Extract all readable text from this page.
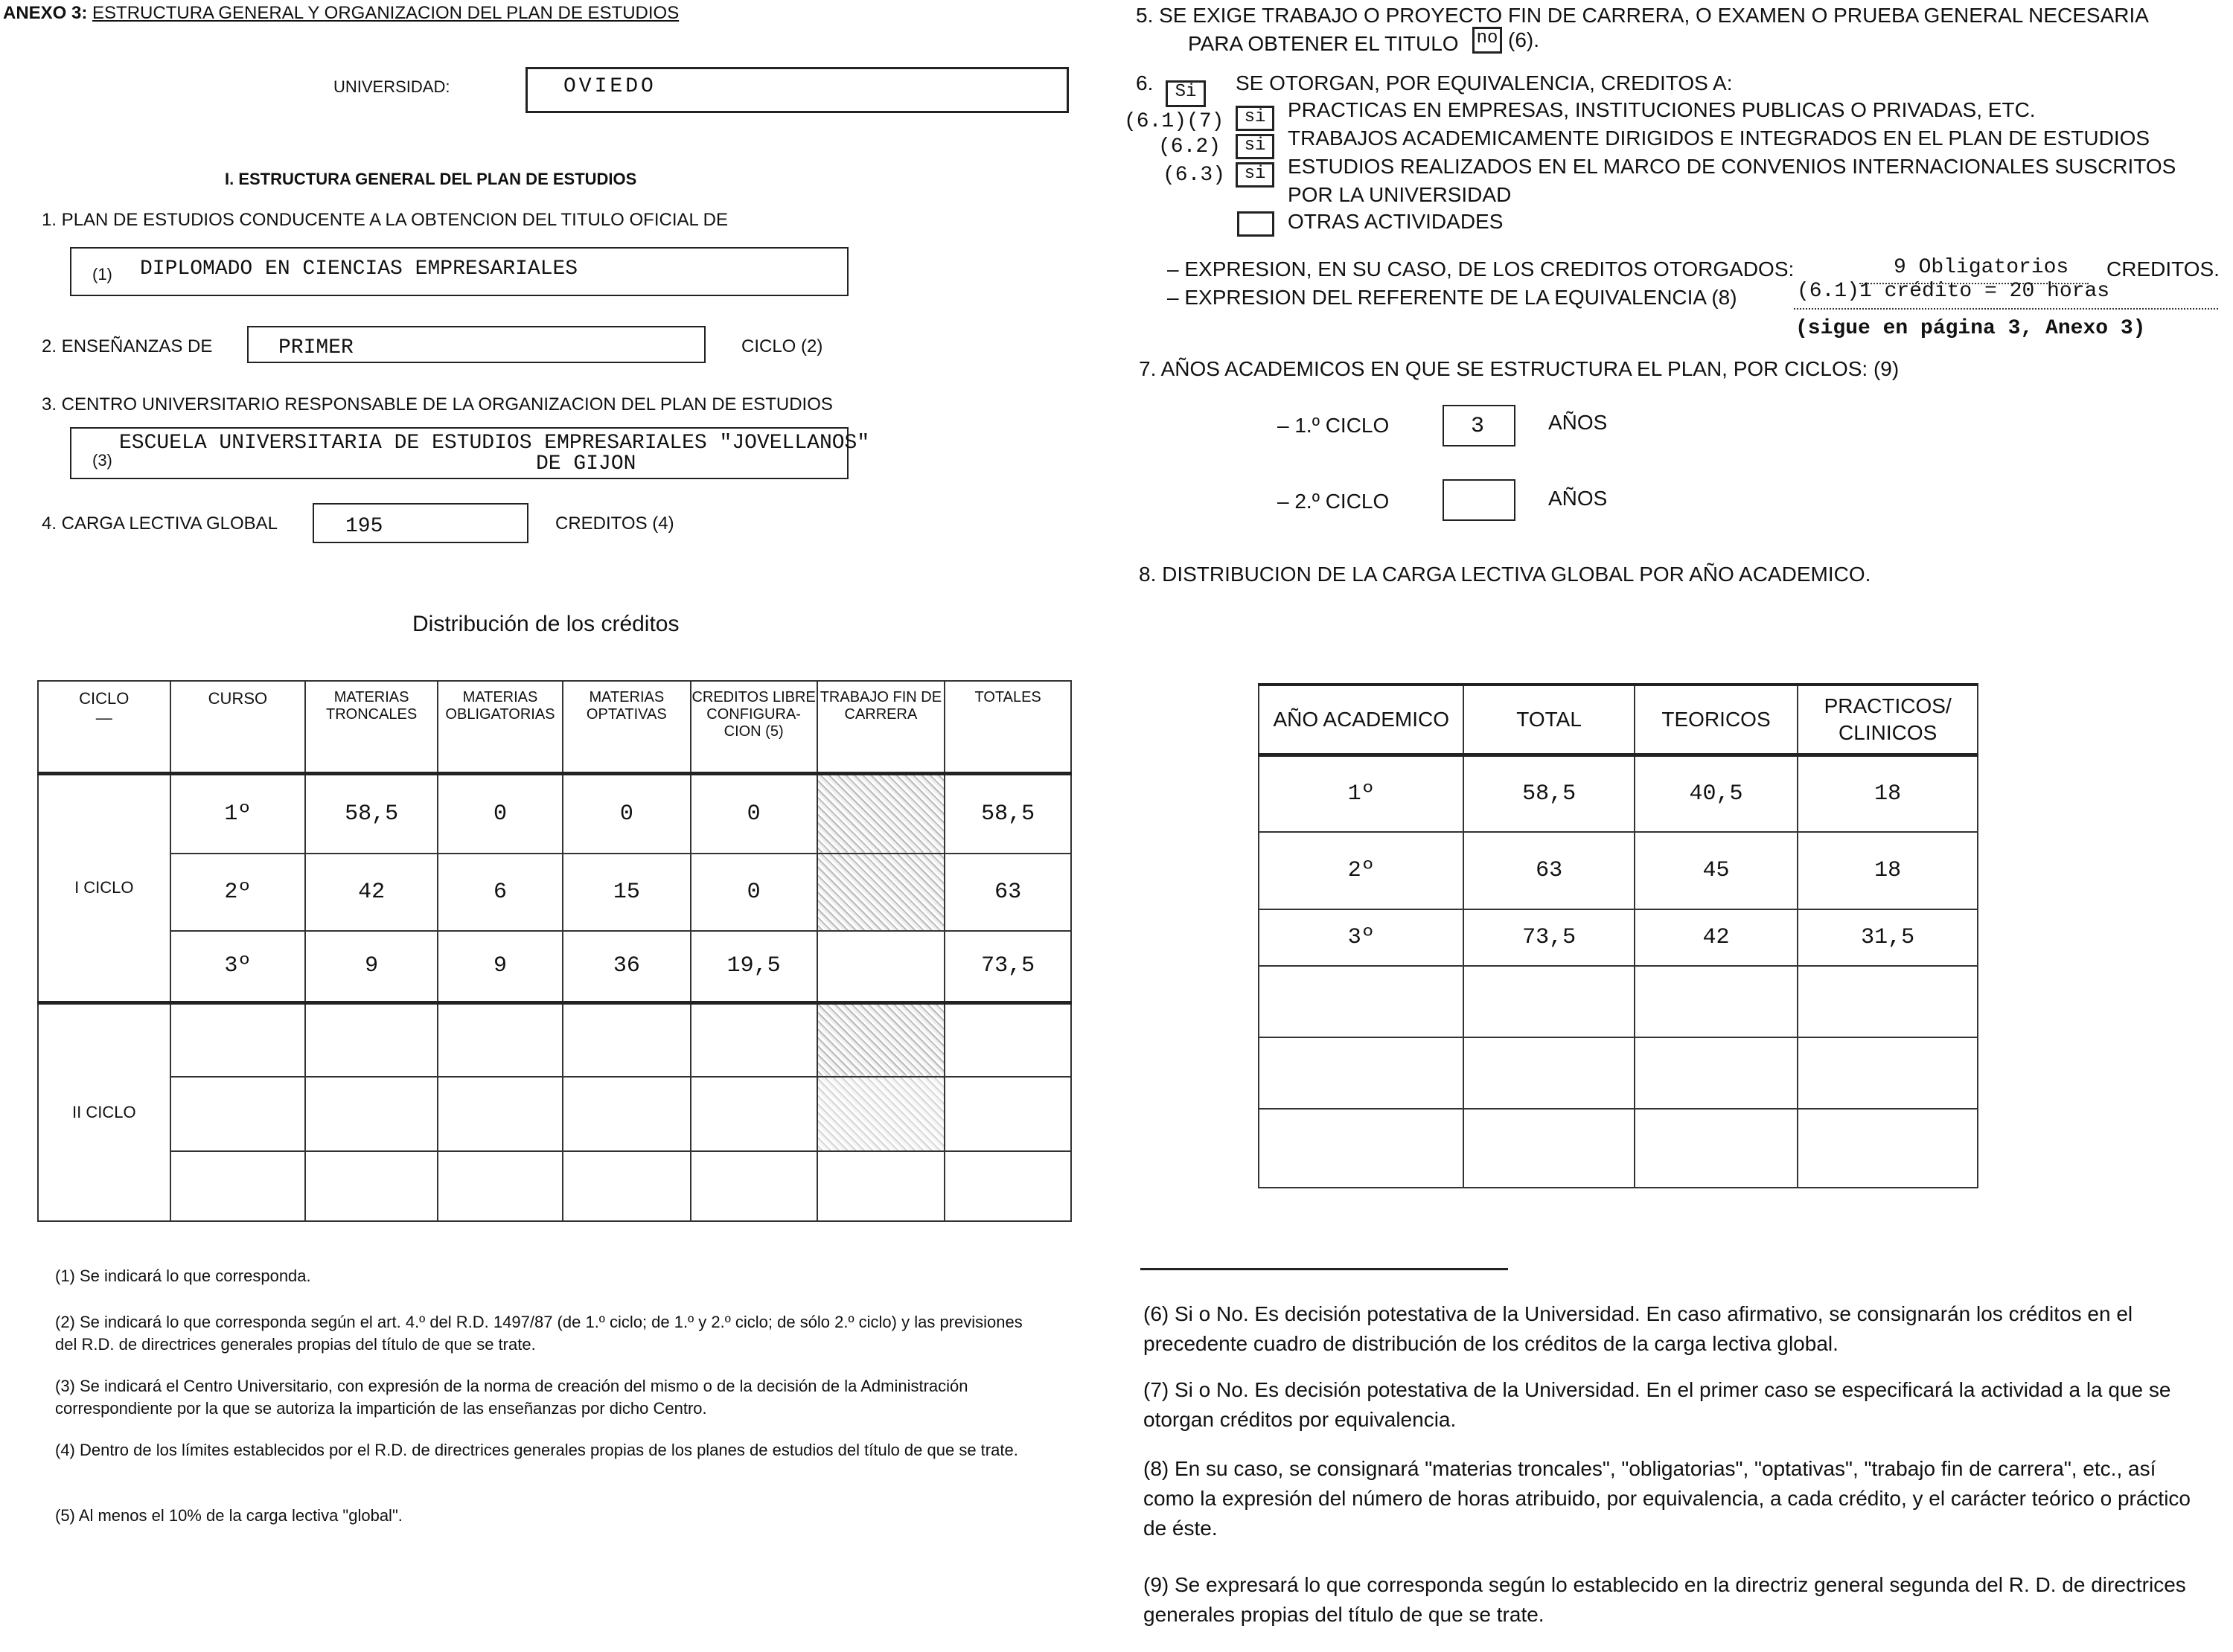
ANEXO 3: ESTRUCTURA GENERAL Y ORGANIZACION DEL PLAN DE ESTUDIOS
UNIVERSIDAD:	OVIEDO
I. ESTRUCTURA GENERAL DEL PLAN DE ESTUDIOS
1. PLAN DE ESTUDIOS CONDUCENTE A LA OBTENCION DEL TITULO OFICIAL DE
(1) DIPLOMADO EN CIENCIAS EMPRESARIALES
2. ENSEÑANZAS DE	PRIMER	CICLO (2)
3. CENTRO UNIVERSITARIO RESPONSABLE DE LA ORGANIZACION DEL PLAN DE ESTUDIOS
(3)
ESCUELA UNIVERSITARIA DE ESTUDIOS EMPRESARIALES "JOVELLANOS"
DE GIJON
4. CARGA LECTIVA GLOBAL	195	CREDITOS (4)
Distribución de los créditos
CICLO
—	CURSO	MATERIAS TRONCALES	MATERIAS OBLIGATORIAS	MATERIAS OPTATIVAS	CREDITOS LIBRE CONFIGURA-CION (5)	TRABAJO FIN DE CARRERA	TOTALES
I CICLO	1º	58,5	0	0	0		58,5
	2º	42	6	15	0		63
	3º	9	9	36	19,5		73,5
II CICLO							

(1) Se indicará lo que corresponda.
(2) Se indicará lo que corresponda según el art. 4.º del R.D. 1497/87 (de 1.º ciclo; de 1.º y 2.º ciclo; de sólo 2.º ciclo) y las previsiones del R.D. de directrices generales propias del título de que se trate.
(3) Se indicará el Centro Universitario, con expresión de la norma de creación del mismo o de la decisión de la Administración correspondiente por la que se autoriza la impartición de las enseñanzas por dicho Centro.
(4) Dentro de los límites establecidos por el R.D. de directrices generales propias de los planes de estudios del título de que se trate.
(5) Al menos el 10% de la carga lectiva "global".
5. SE EXIGE TRABAJO O PROYECTO FIN DE CARRERA, O EXAMEN O PRUEBA GENERAL NECESARIA
PARA OBTENER EL TITULO	no (6).
6.	Si	SE OTORGAN, POR EQUIVALENCIA, CREDITOS A:
(6.1)(7)	si	PRACTICAS EN EMPRESAS, INSTITUCIONES PUBLICAS O PRIVADAS, ETC.
(6.2)	si	TRABAJOS ACADEMICAMENTE DIRIGIDOS E INTEGRADOS EN EL PLAN DE ESTUDIOS
(6.3)	si	ESTUDIOS REALIZADOS EN EL MARCO DE CONVENIOS INTERNACIONALES SUSCRITOS
POR LA UNIVERSIDAD
OTRAS ACTIVIDADES
– EXPRESION, EN SU CASO, DE LOS CREDITOS OTORGADOS:	9 Obligatorios CREDITOS.
– EXPRESION DEL REFERENTE DE LA EQUIVALENCIA (8)	(6.1)1 crédito = 20 horas
(sigue en página 3, Anexo 3)
7. AÑOS ACADEMICOS EN QUE SE ESTRUCTURA EL PLAN, POR CICLOS: (9)
– 1.º CICLO	3	AÑOS
– 2.º CICLO	AÑOS
8. DISTRIBUCION DE LA CARGA LECTIVA GLOBAL POR AÑO ACADEMICO.
AÑO ACADEMICO	TOTAL	TEORICOS	PRACTICOS/ CLINICOS
1º	58,5	40,5	18
2º	63	45	18
3º	73,5	42	31,5

(6) Si o No. Es decisión potestativa de la Universidad. En caso afirmativo, se consignarán los créditos en el precedente cuadro de distribución de los créditos de la carga lectiva global.
(7) Si o No. Es decisión potestativa de la Universidad. En el primer caso se especificará la actividad a la que se otorgan créditos por equivalencia.
(8) En su caso, se consignará "materias troncales", "obligatorias", "optativas", "trabajo fin de carrera", etc., así como la expresión del número de horas atribuido, por equivalencia, a cada crédito, y el carácter teórico o práctico de éste.
(9) Se expresará lo que corresponda según lo establecido en la directriz general segunda del R. D. de directrices generales propias del título de que se trate.
